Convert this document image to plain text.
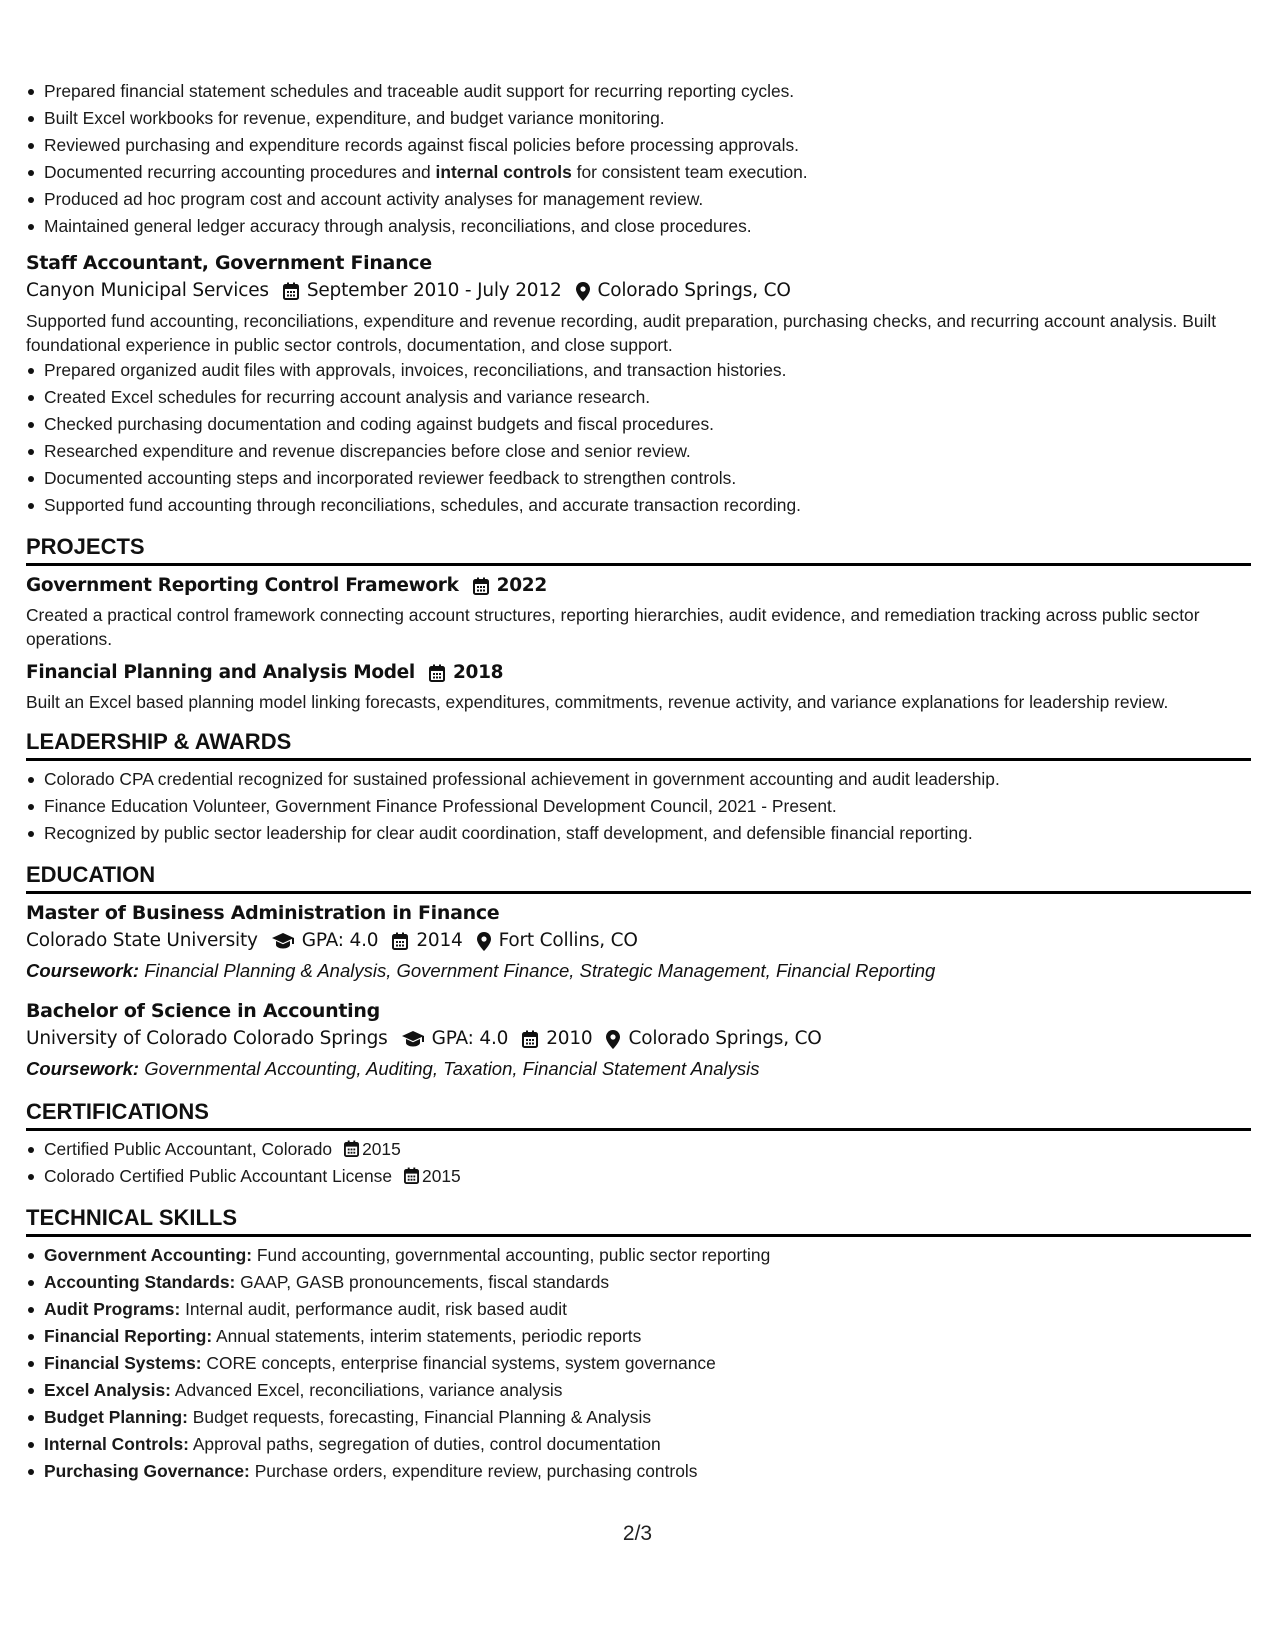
Prepared financial statement schedules and traceable audit support for recurring reporting cycles.
Built Excel workbooks for revenue, expenditure, and budget variance monitoring.
Reviewed purchasing and expenditure records against fiscal policies before processing approvals.
Documented recurring accounting procedures and internal controls for consistent team execution.
Produced ad hoc program cost and account activity analyses for management review.
Maintained general ledger accuracy through analysis, reconciliations, and close procedures.
Staff Accountant, Government Finance
Canyon Municipal Services September 2010 - July 2012 Colorado Springs, CO
Supported fund accounting, reconciliations, expenditure and revenue recording, audit preparation, purchasing checks, and recurring account analysis. Built foundational experience in public sector controls, documentation, and close support.
Prepared organized audit files with approvals, invoices, reconciliations, and transaction histories.
Created Excel schedules for recurring account analysis and variance research.
Checked purchasing documentation and coding against budgets and fiscal procedures.
Researched expenditure and revenue discrepancies before close and senior review.
Documented accounting steps and incorporated reviewer feedback to strengthen controls.
Supported fund accounting through reconciliations, schedules, and accurate transaction recording.
PROJECTS
Government Reporting Control Framework 2022
Created a practical control framework connecting account structures, reporting hierarchies, audit evidence, and remediation tracking across public sector operations.
Financial Planning and Analysis Model 2018
Built an Excel based planning model linking forecasts, expenditures, commitments, revenue activity, and variance explanations for leadership review.
LEADERSHIP & AWARDS
Colorado CPA credential recognized for sustained professional achievement in government accounting and audit leadership.
Finance Education Volunteer, Government Finance Professional Development Council, 2021 - Present.
Recognized by public sector leadership for clear audit coordination, staff development, and defensible financial reporting.
EDUCATION
Master of Business Administration in Finance
Colorado State University GPA: 4.0 2014 Fort Collins, CO
Coursework: Financial Planning & Analysis, Government Finance, Strategic Management, Financial Reporting
Bachelor of Science in Accounting
University of Colorado Colorado Springs GPA: 4.0 2010 Colorado Springs, CO
Coursework: Governmental Accounting, Auditing, Taxation, Financial Statement Analysis
CERTIFICATIONS
Certified Public Accountant, Colorado 2015
Colorado Certified Public Accountant License 2015
TECHNICAL SKILLS
Government Accounting: Fund accounting, governmental accounting, public sector reporting
Accounting Standards: GAAP, GASB pronouncements, fiscal standards
Audit Programs: Internal audit, performance audit, risk based audit
Financial Reporting: Annual statements, interim statements, periodic reports
Financial Systems: CORE concepts, enterprise financial systems, system governance
Excel Analysis: Advanced Excel, reconciliations, variance analysis
Budget Planning: Budget requests, forecasting, Financial Planning & Analysis
Internal Controls: Approval paths, segregation of duties, control documentation
Purchasing Governance: Purchase orders, expenditure review, purchasing controls
2/3
